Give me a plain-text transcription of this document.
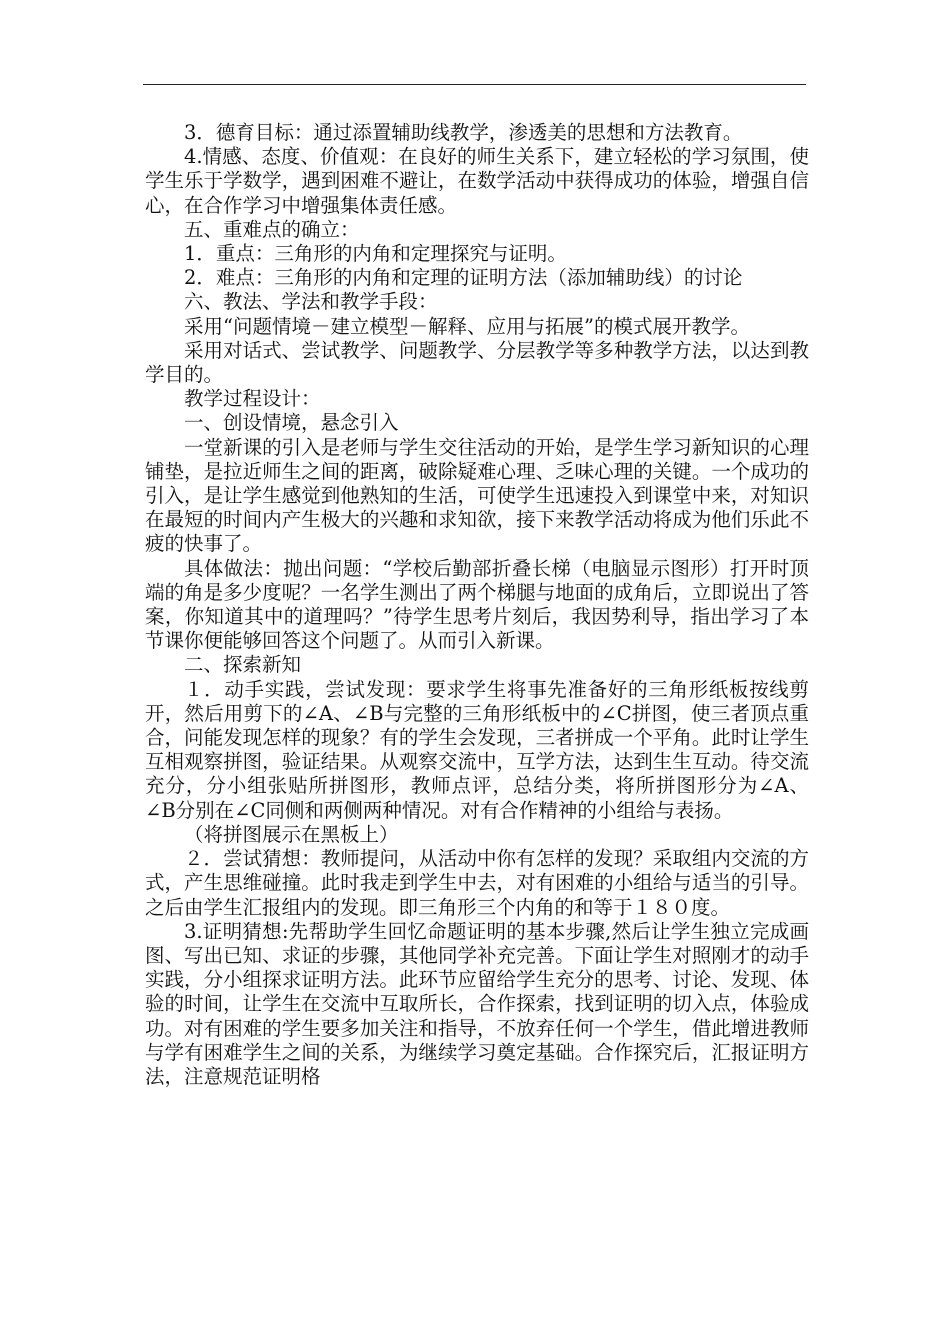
3．德育目标：通过添置辅助线教学，渗透美的思想和方法教育。

4.情感、态度、价值观：在良好的师生关系下，建立轻松的学习氛围，使学生乐于学数学，遇到困难不避让，在数学活动中获得成功的体验，增强自信心，在合作学习中增强集体责任感。

五、重难点的确立：

1．重点：三角形的内角和定理探究与证明。

2．难点：三角形的内角和定理的证明方法（添加辅助线）的讨论

六、教法、学法和教学手段：

采用“问题情境－建立模型－解释、应用与拓展”的模式展开教学。

采用对话式、尝试教学、问题教学、分层教学等多种教学方法，以达到教学目的。

教学过程设计：

一、创设情境，悬念引入

一堂新课的引入是老师与学生交往活动的开始，是学生学习新知识的心理铺垫，是拉近师生之间的距离，破除疑难心理、乏味心理的关键。一个成功的引入，是让学生感觉到他熟知的生活，可使学生迅速投入到课堂中来，对知识在最短的时间内产生极大的兴趣和求知欲，接下来教学活动将成为他们乐此不疲的快事了。

具体做法：抛出问题：“学校后勤部折叠长梯（电脑显示图形）打开时顶端的角是多少度呢？一名学生测出了两个梯腿与地面的成角后，立即说出了答案，你知道其中的道理吗？”待学生思考片刻后，我因势利导，指出学习了本节课你便能够回答这个问题了。从而引入新课。

二、探索新知

１．动手实践，尝试发现：要求学生将事先准备好的三角形纸板按线剪开，然后用剪下的∠A、∠B与完整的三角形纸板中的∠C拼图，使三者顶点重合，问能发现怎样的现象？有的学生会发现，三者拼成一个平角。此时让学生互相观察拼图，验证结果。从观察交流中，互学方法，达到生生互动。待交流充分，分小组张贴所拼图形，教师点评，总结分类，将所拼图形分为∠A、∠B分别在∠C同侧和两侧两种情况。对有合作精神的小组给与表扬。

（将拼图展示在黑板上）

２．尝试猜想：教师提问，从活动中你有怎样的发现？采取组内交流的方式，产生思维碰撞。此时我走到学生中去，对有困难的小组给与适当的引导。之后由学生汇报组内的发现。即三角形三个内角的和等于１８０度。

3.证明猜想:先帮助学生回忆命题证明的基本步骤,然后让学生独立完成画图、写出已知、求证的步骤，其他同学补充完善。下面让学生对照刚才的动手实践，分小组探求证明方法。此环节应留给学生充分的思考、讨论、发现、体验的时间，让学生在交流中互取所长，合作探索，找到证明的切入点，体验成功。对有困难的学生要多加关注和指导，不放弃任何一个学生，借此增进教师与学有困难学生之间的关系，为继续学习奠定基础。合作探究后，汇报证明方法，注意规范证明格
